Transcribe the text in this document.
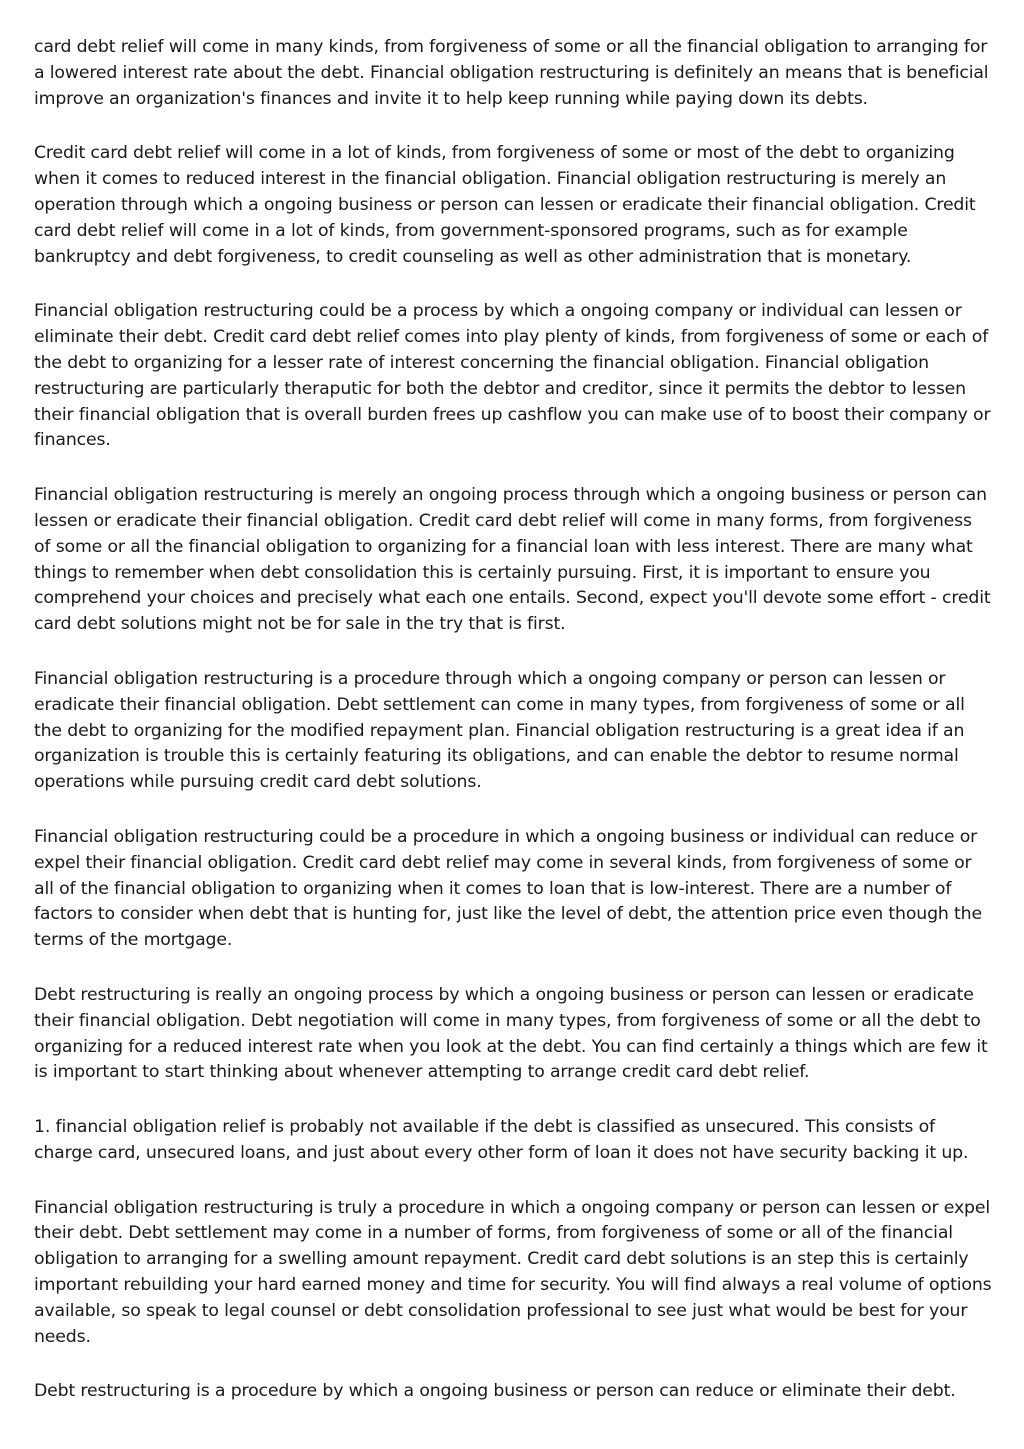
card debt relief will come in many kinds, from forgiveness of some or all the financial obligation to arranging for a lowered interest rate about the debt. Financial obligation restructuring is definitely an means that is beneficial improve an organization's finances and invite it to help keep running while paying down its debts.

Credit card debt relief will come in a lot of kinds, from forgiveness of some or most of the debt to organizing when it comes to reduced interest in the financial obligation. Financial obligation restructuring is merely an operation through which a ongoing business or person can lessen or eradicate their financial obligation. Credit card debt relief will come in a lot of kinds, from government-sponsored programs, such as for example bankruptcy and debt forgiveness, to credit counseling as well as other administration that is monetary.

Financial obligation restructuring could be a process by which a ongoing company or individual can lessen or eliminate their debt. Credit card debt relief comes into play plenty of kinds, from forgiveness of some or each of the debt to organizing for a lesser rate of interest concerning the financial obligation. Financial obligation restructuring are particularly theraputic for both the debtor and creditor, since it permits the debtor to lessen their financial obligation that is overall burden frees up cashflow you can make use of to boost their company or finances.

Financial obligation restructuring is merely an ongoing process through which a ongoing business or person can lessen or eradicate their financial obligation. Credit card debt relief will come in many forms, from forgiveness of some or all the financial obligation to organizing for a financial loan with less interest. There are many what things to remember when debt consolidation this is certainly pursuing. First, it is important to ensure you comprehend your choices and precisely what each one entails. Second, expect you'll devote some effort - credit card debt solutions might not be for sale in the try that is first.

Financial obligation restructuring is a procedure through which a ongoing company or person can lessen or eradicate their financial obligation. Debt settlement can come in many types, from forgiveness of some or all the debt to organizing for the modified repayment plan. Financial obligation restructuring is a great idea if an organization is trouble this is certainly featuring its obligations, and can enable the debtor to resume normal operations while pursuing credit card debt solutions.

Financial obligation restructuring could be a procedure in which a ongoing business or individual can reduce or expel their financial obligation. Credit card debt relief may come in several kinds, from forgiveness of some or all of the financial obligation to organizing when it comes to loan that is low-interest. There are a number of factors to consider when debt that is hunting for, just like the level of debt, the attention price even though the terms of the mortgage.

Debt restructuring is really an ongoing process by which a ongoing business or person can lessen or eradicate their financial obligation. Debt negotiation will come in many types, from forgiveness of some or all the debt to organizing for a reduced interest rate when you look at the debt. You can find certainly a things which are few it is important to start thinking about whenever attempting to arrange credit card debt relief.

1. financial obligation relief is probably not available if the debt is classified as unsecured. This consists of charge card, unsecured loans, and just about every other form of loan it does not have security backing it up.

Financial obligation restructuring is truly a procedure in which a ongoing company or person can lessen or expel their debt. Debt settlement may come in a number of forms, from forgiveness of some or all of the financial obligation to arranging for a swelling amount repayment. Credit card debt solutions is an step this is certainly important rebuilding your hard earned money and time for security. You will find always a real volume of options available, so speak to legal counsel or debt consolidation professional to see just what would be best for your needs.

Debt restructuring is a procedure by which a ongoing business or person can reduce or eliminate their debt.
